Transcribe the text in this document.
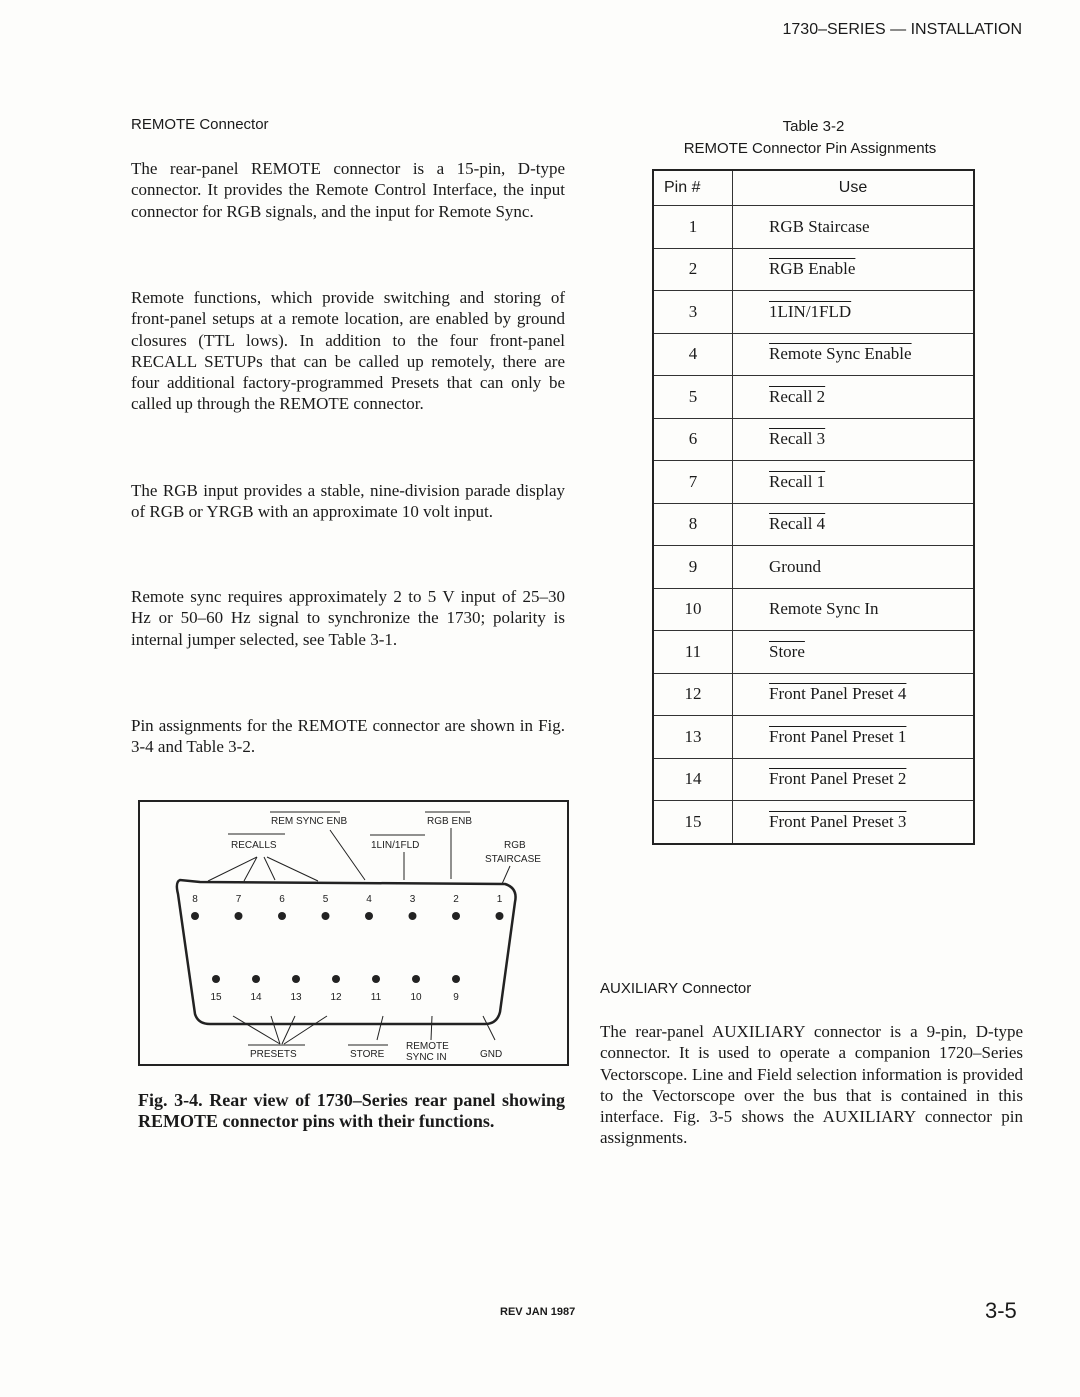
1730–SERIES — INSTALLATION
REMOTE Connector
The rear-panel REMOTE connector is a 15-pin, D-type connector. It provides the Remote Control Interface, the input connector for RGB signals, and the input for Remote Sync.
Remote functions, which provide switching and storing of front-panel setups at a remote location, are enabled by ground closures (TTL lows). In addition to the four front-panel RECALL SETUPs that can be called up remotely, there are four additional factory-programmed Presets that can only be called up through the REMOTE connector.
The RGB input provides a stable, nine-division parade display of RGB or YRGB with an approximate 10 volt input.
Remote sync requires approximately 2 to 5 V input of 25–30 Hz or 50–60 Hz signal to synchronize the 1730; polarity is internal jumper selected, see Table 3-1.
Pin assignments for the REMOTE connector are shown in Fig. 3-4 and Table 3-2.
Table 3-2
REMOTE Connector Pin Assignments
Pin #	Use
1	RGB Staircase
2	RGB Enable
3	1LIN/1FLD
4	Remote Sync Enable
5	Recall 2
6	Recall 3
7	Recall 1
8	Recall 4
9	Ground
10	Remote Sync In
11	Store
12	Front Panel Preset 4
13	Front Panel Preset 1
14	Front Panel Preset 2
15	Front Panel Preset 3
8	7	6	5	4	3	2	1
15	14	13	12	11	10	9
REM SYNC ENB	RGB ENB
RECALLS	1LIN/1FLD	RGB
STAIRCASE
PRESETS	STORE
REMOTE
SYNC IN	GND
Fig. 3-4. Rear view of 1730–Series rear panel showing REMOTE connector pins with their functions.
AUXILIARY Connector
The rear-panel AUXILIARY connector is a 9-pin, D-type connector. It is used to operate a companion 1720–Series Vectorscope. Line and Field selection information is provided to the Vectorscope over the bus that is contained in this interface. Fig. 3-5 shows the AUXILIARY connector pin assignments.
REV JAN 1987	3-5
